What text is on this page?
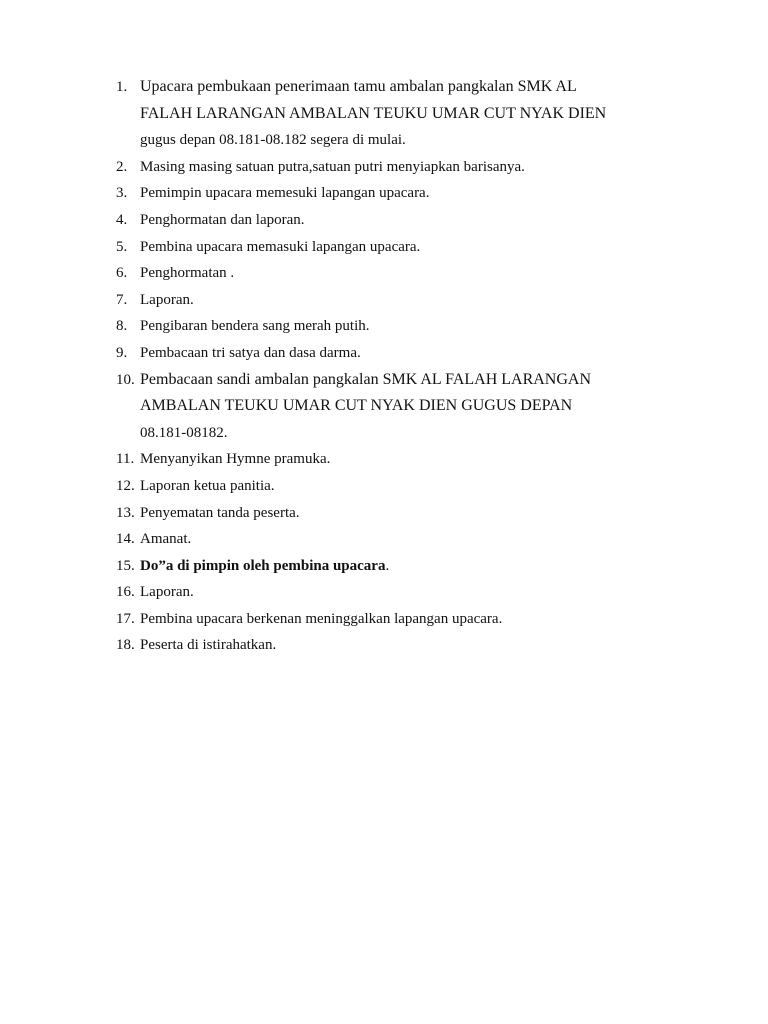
1. Upacara pembukaan penerimaan tamu ambalan pangkalan SMK AL
FALAH LARANGAN AMBALAN TEUKU UMAR CUT NYAK DIEN
gugus depan 08.181-08.182 segera di mulai.
2. Masing masing satuan putra,satuan putri menyiapkan barisanya.
3. Pemimpin upacara memesuki lapangan upacara.
4. Penghormatan dan laporan.
5. Pembina upacara memasuki lapangan upacara.
6. Penghormatan .
7. Laporan.
8. Pengibaran bendera sang merah putih.
9. Pembacaan tri satya dan dasa darma.
10. Pembacaan sandi ambalan pangkalan SMK AL FALAH LARANGAN
AMBALAN TEUKU UMAR CUT NYAK DIEN GUGUS DEPAN
08.181-08182.
11. Menyanyikan Hymne pramuka.
12. Laporan ketua panitia.
13. Penyematan tanda peserta.
14. Amanat.
15. Do”a di pimpin oleh pembina upacara.
16. Laporan.
17. Pembina upacara berkenan meninggalkan lapangan upacara.
18. Peserta di istirahatkan.
